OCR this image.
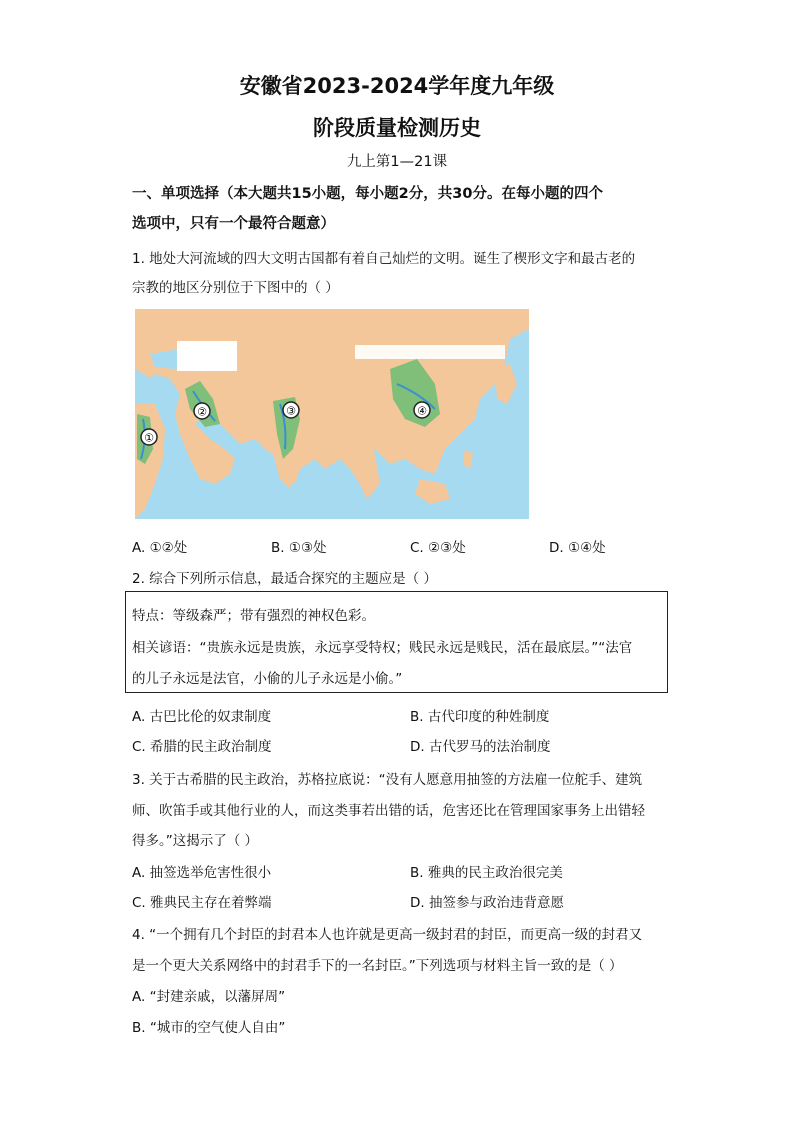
安徽省2023-2024学年度九年级
阶段质量检测历史
九上第1—21课
一、单项选择（本大题共15小题，每小题2分，共30分。在每小题的四个
选项中，只有一个最符合题意）
1. 地处大河流域的四大文明古国都有着自己灿烂的文明。诞生了楔形文字和最古老的
宗教的地区分别位于下图中的（ ）
①
②	③	④
A. ①②处	B. ①③处	C. ②③处	D. ①④处
2. 综合下列所示信息，最适合探究的主题应是（ ）
特点：等级森严；带有强烈的神权色彩。
相关谚语：“贵族永远是贵族，永远享受特权；贱民永远是贱民，活在最底层。”“法官
的儿子永远是法官，小偷的儿子永远是小偷。”
A. 古巴比伦的奴隶制度	B. 古代印度的种姓制度
C. 希腊的民主政治制度	D. 古代罗马的法治制度
3. 关于古希腊的民主政治，苏格拉底说：“没有人愿意用抽签的方法雇一位舵手、建筑
师、吹笛手或其他行业的人，而这类事若出错的话，危害还比在管理国家事务上出错轻
得多。”这揭示了（ ）
A. 抽签选举危害性很小	B. 雅典的民主政治很完美
C. 雅典民主存在着弊端	D. 抽签参与政治违背意愿
4. “一个拥有几个封臣的封君本人也许就是更高一级封君的封臣，而更高一级的封君又
是一个更大关系网络中的封君手下的一名封臣。”下列选项与材料主旨一致的是（ ）
A. “封建亲戚，以藩屏周”
B. “城市的空气使人自由”
